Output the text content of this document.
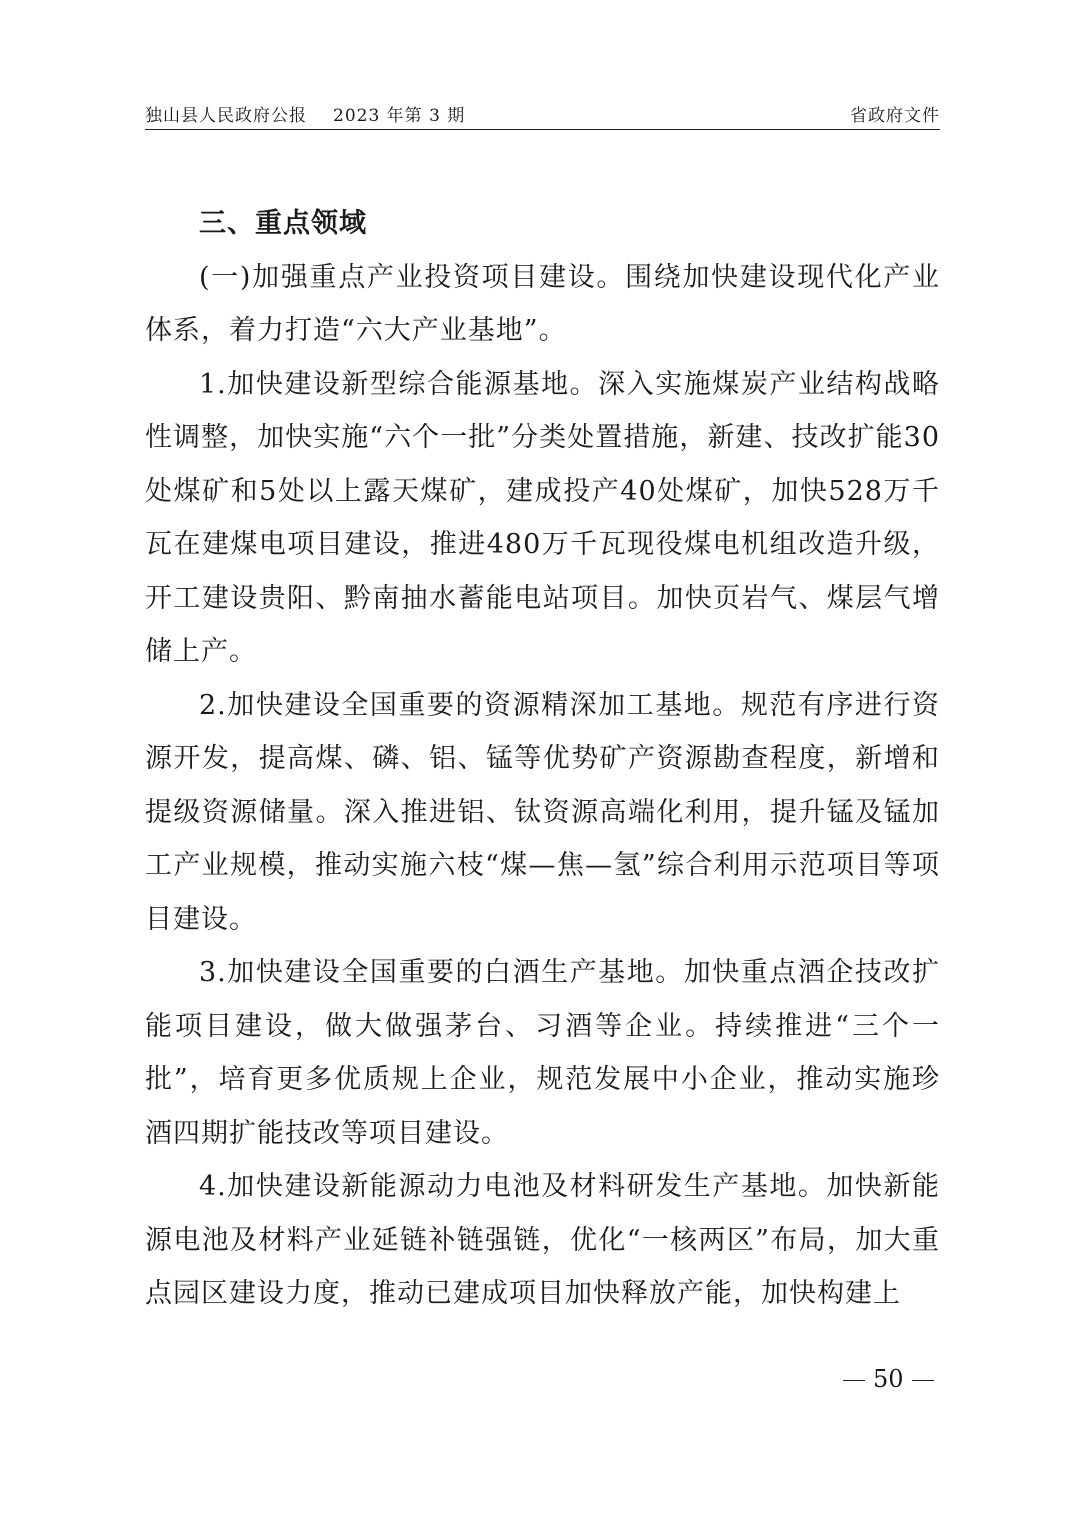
独山县人民政府公报 2023 年第 3 期	省政府文件
三、重点领域

(一)加强重点产业投资项目建设。围绕加快建设现代化产业体系，着力打造“六大产业基地”。

1.加快建设新型综合能源基地。深入实施煤炭产业结构战略性调整，加快实施“六个一批”分类处置措施，新建、技改扩能30处煤矿和5处以上露天煤矿，建成投产40处煤矿，加快528万千瓦在建煤电项目建设，推进480万千瓦现役煤电机组改造升级，开工建设贵阳、黔南抽水蓄能电站项目。加快页岩气、煤层气增储上产。

2.加快建设全国重要的资源精深加工基地。规范有序进行资源开发，提高煤、磷、铝、锰等优势矿产资源勘查程度，新增和提级资源储量。深入推进铝、钛资源高端化利用，提升锰及锰加工产业规模，推动实施六枝“煤—焦—氢”综合利用示范项目等项目建设。

3.加快建设全国重要的白酒生产基地。加快重点酒企技改扩能项目建设，做大做强茅台、习酒等企业。持续推进“三个一批”，培育更多优质规上企业，规范发展中小企业，推动实施珍酒四期扩能技改等项目建设。

4.加快建设新能源动力电池及材料研发生产基地。加快新能源电池及材料产业延链补链强链，优化“一核两区”布局，加大重点园区建设力度，推动已建成项目加快释放产能，加快构建上

50
